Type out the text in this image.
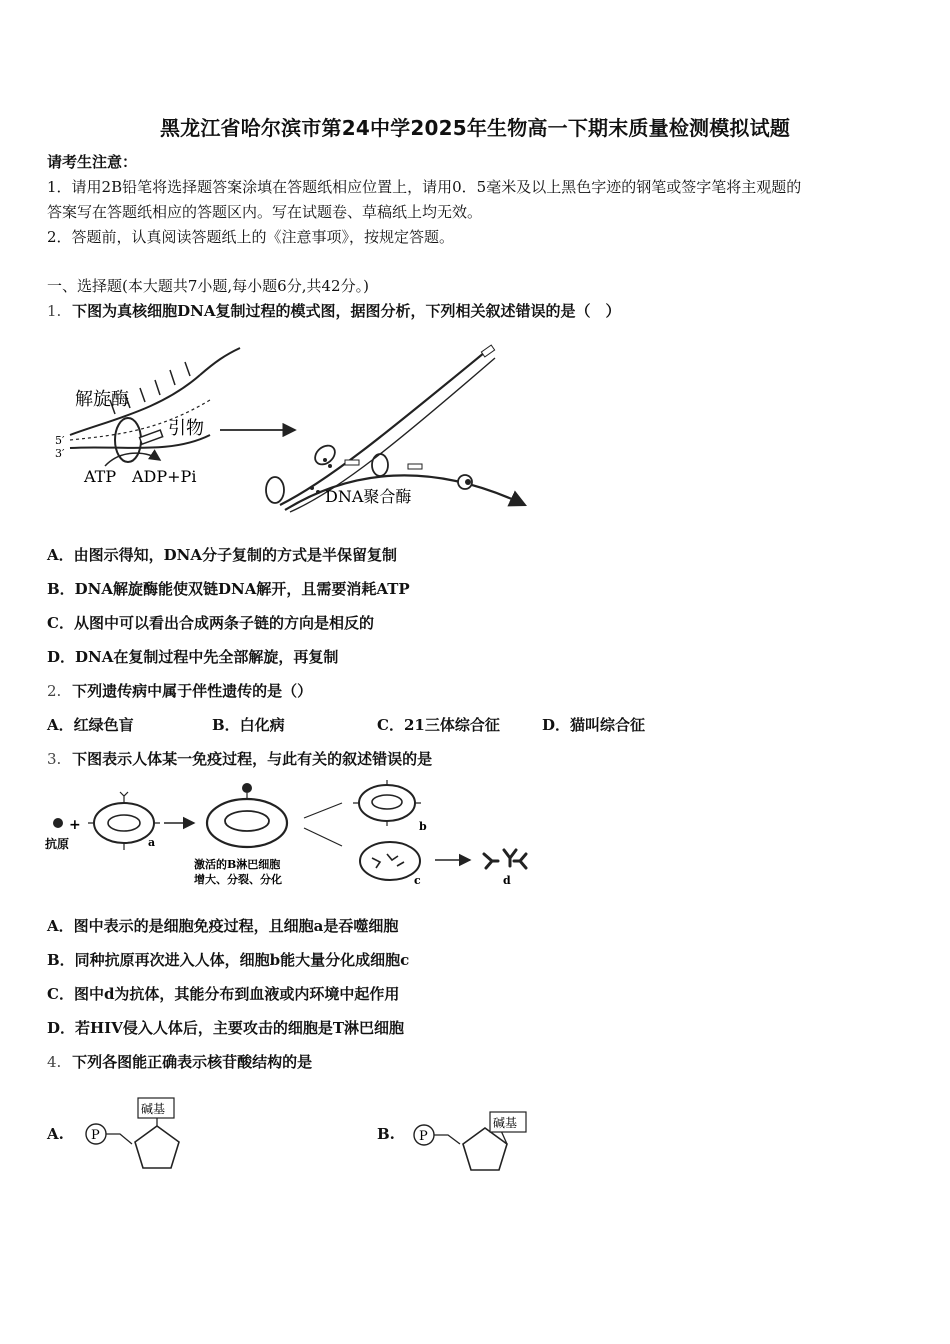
黑龙江省哈尔滨市第24中学2025年生物高一下期末质量检测模拟试题
请考生注意：
1．请用2B铅笔将选择题答案涂填在答题纸相应位置上，请用0．5毫米及以上黑色字迹的钢笔或签字笔将主观题的
答案写在答题纸相应的答题区内。写在试题卷、草稿纸上均无效。
2．答题前，认真阅读答题纸上的《注意事项》，按规定答题。
一、选择题(本大题共7小题,每小题6分,共42分。)
1. 下图为真核细胞DNA复制过程的模式图，据图分析，下列相关叙述错误的是（　）
解旋酶
引物
5′
3′
ATP ADP+Pi
DNA聚合酶
A．由图示得知，DNA分子复制的方式是半保留复制
B．DNA解旋酶能使双链DNA解开，且需要消耗ATP
C．从图中可以看出合成两条子链的方向是相反的
D．DNA在复制过程中先全部解旋，再复制
2. 下列遗传病中属于伴性遗传的是（）
A．红绿色盲	B．白化病	C．21三体综合征	D．猫叫综合征
3. 下图表示人体某一免疫过程，与此有关的叙述错误的是
+
抗原	a
激活的B淋巴细胞
增大、分裂、分化
b
c	d
A．图中表示的是细胞免疫过程，且细胞a是吞噬细胞
B．同种抗原再次进入人体，细胞b能大量分化成细胞c
C．图中d为抗体，其能分布到血液或内环境中起作用
D．若HIV侵入人体后，主要攻击的细胞是T淋巴细胞
4. 下列各图能正确表示核苷酸结构的是
A. P
碱基
B. P
碱基
